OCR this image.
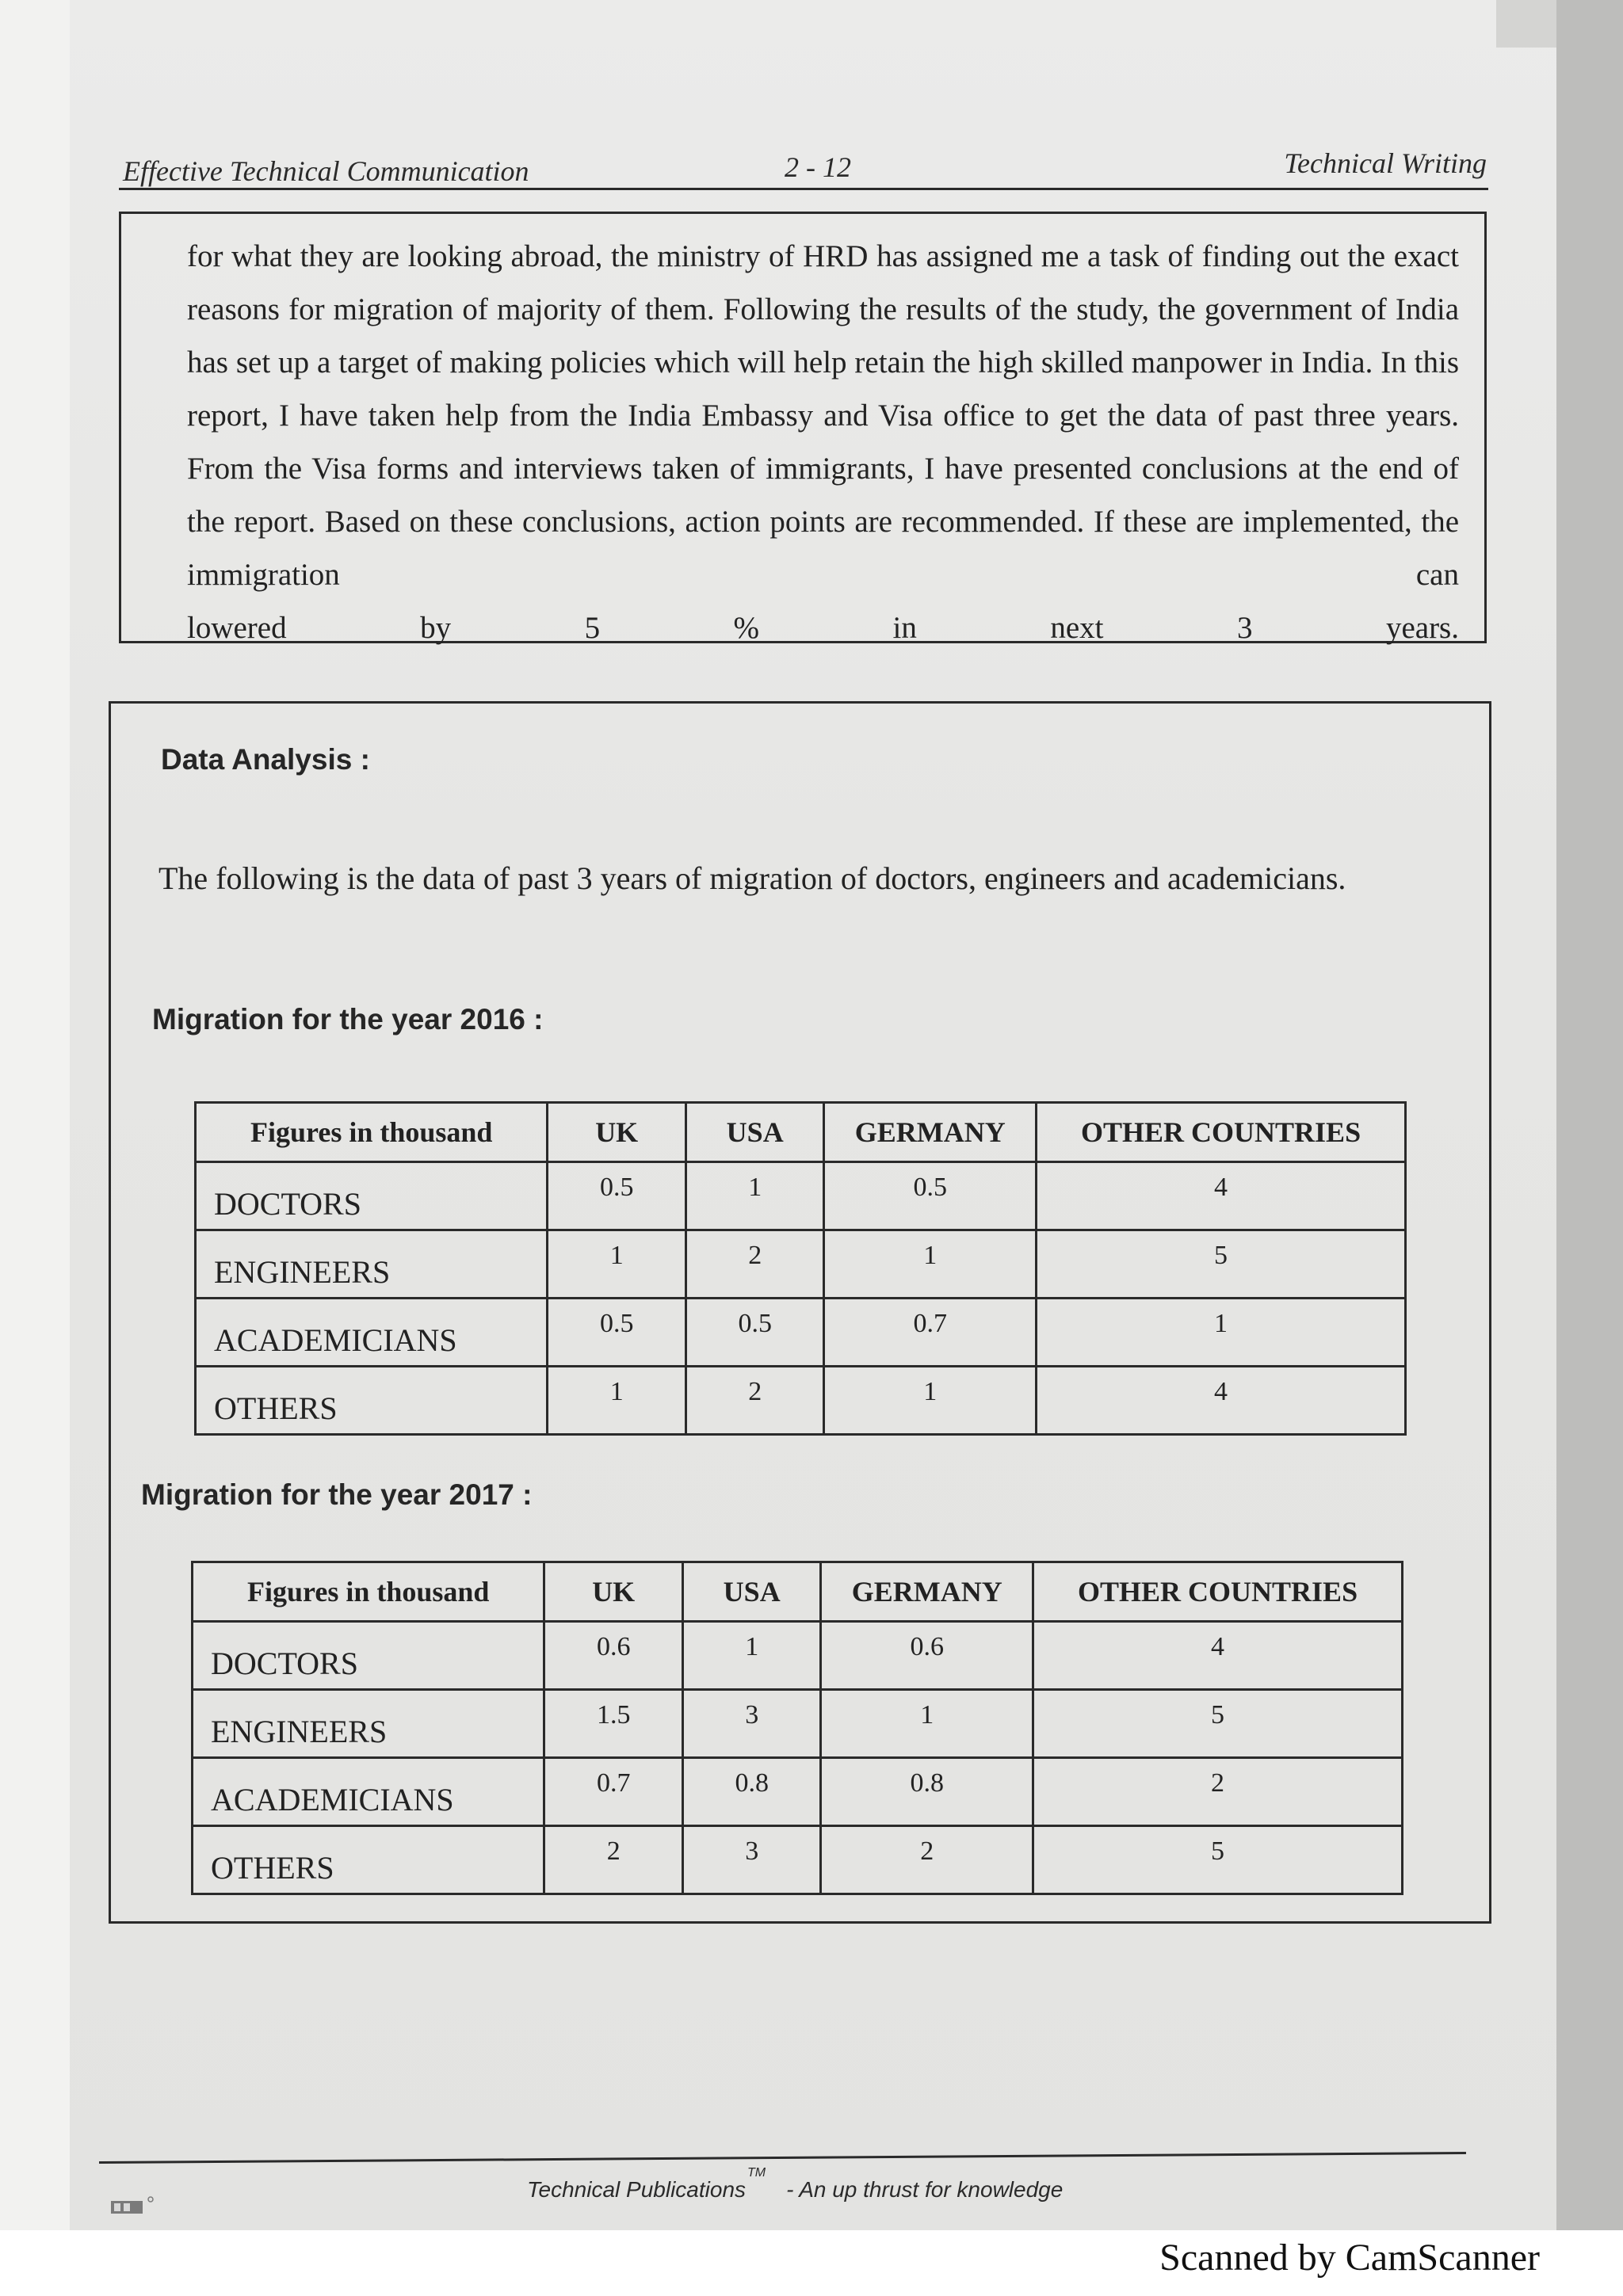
Effective Technical Communication	2 - 12	Technical Writing

for what they are looking abroad, the ministry of HRD has assigned me a task of finding out the exact reasons for migration of majority of them. Following the results of the study, the government of India has set up a target of making policies which will help retain the high skilled manpower in India. In this report, I have taken help from the India Embassy and Visa office to get the data of past three years. From the Visa forms and interviews taken of immigrants, I have presented conclusions at the end of the report. Based on these conclusions, action points are recommended. If these are implemented, the immigration can
lowered by 5 % in next 3 years.

Data Analysis :

The following is the data of past 3 years of migration of doctors, engineers and academicians.

Migration for the year 2016 :
Figures in thousand	UK	USA	GERMANY	OTHER COUNTRIES
DOCTORS	0.5	1	0.5	4
ENGINEERS	1	2	1	5
ACADEMICIANS	0.5	0.5	0.7	1
OTHERS	1	2	1	4
Migration for the year 2017 :
Figures in thousand	UK	USA	GERMANY	OTHER COUNTRIES
DOCTORS	0.6	1	0.6	4
ENGINEERS	1.5	3	1	5
ACADEMICIANS	0.7	0.8	0.8	2
OTHERS	2	3	2	5
Technical Publications™- An up thrust for knowledge
Scanned by CamScanner
